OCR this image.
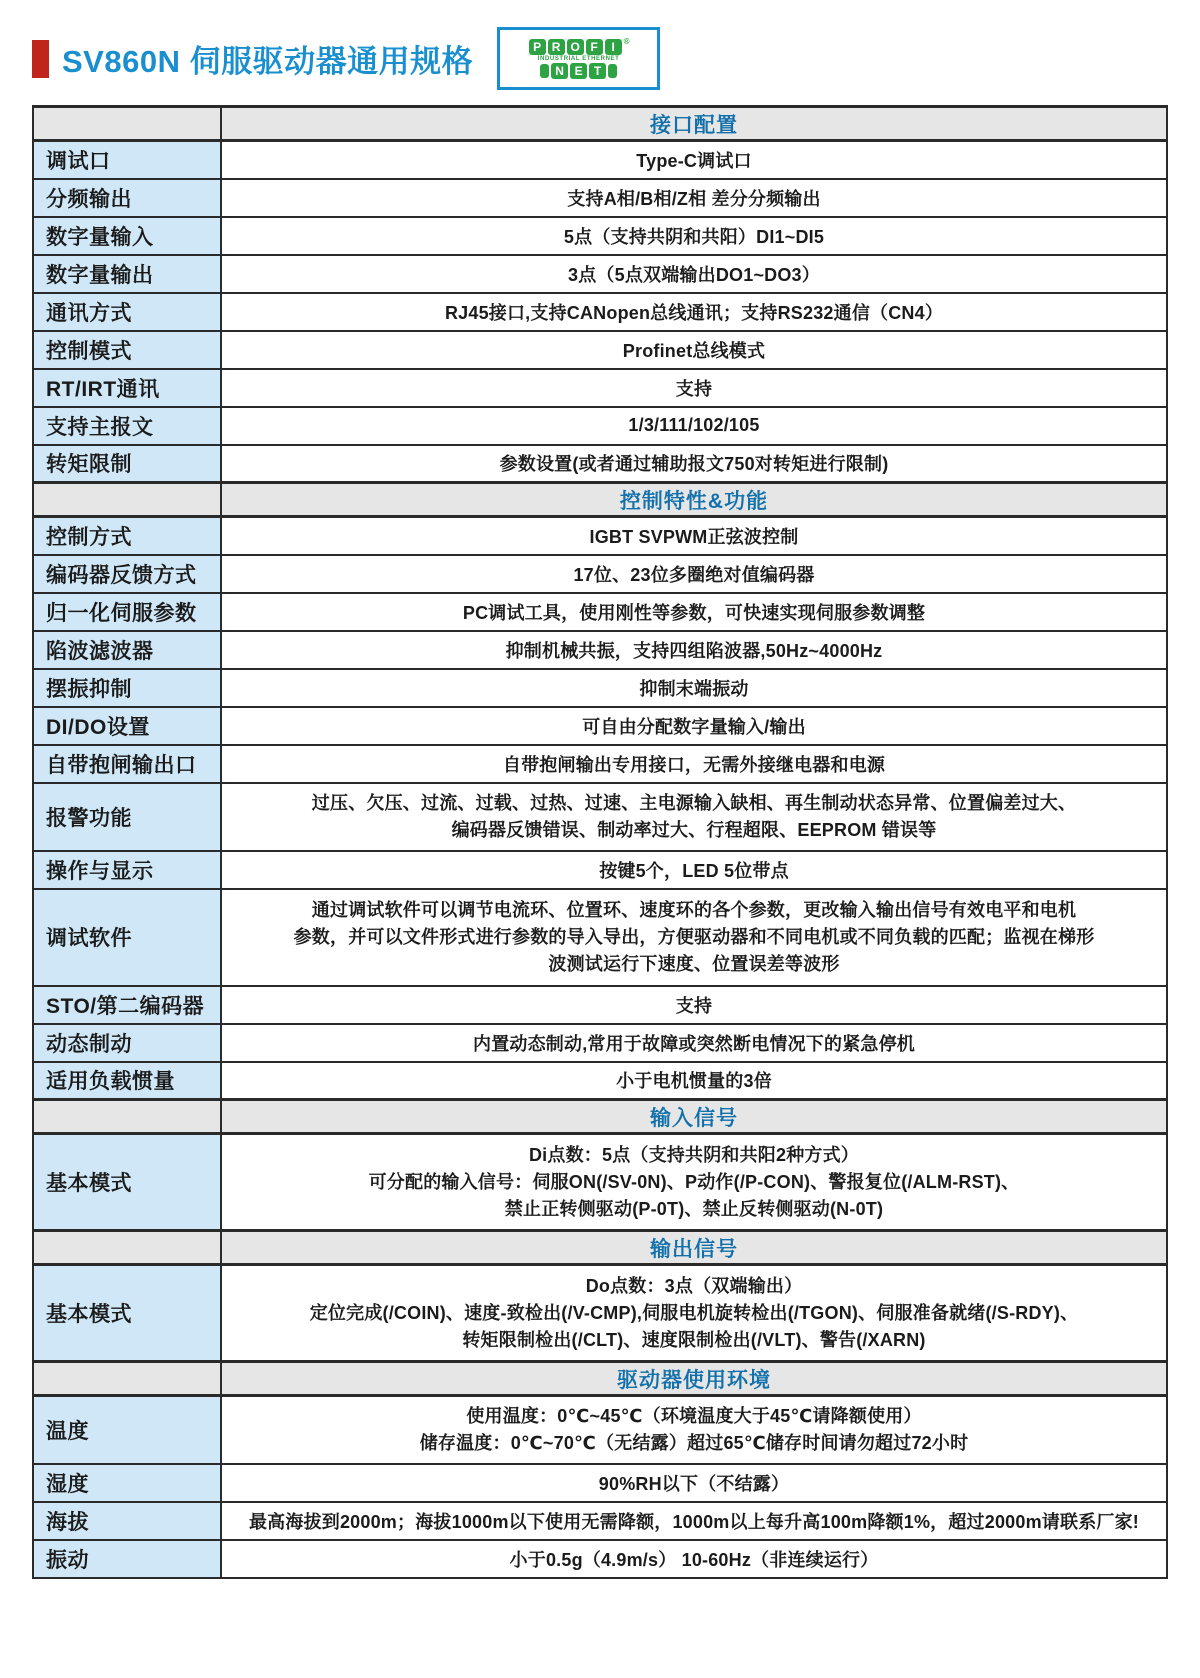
SV860N 伺服驱动器通用规格	P R O F	I	®
INDUSTRIAL ETHERNET
N E T
	接口配置
调试口	Type-C调试口
分频输出	支持A相/B相/Z相 差分分频输出
数字量输入	5点（支持共阴和共阳）DI1~DI5
数字量输出	3点（5点双端输出DO1~DO3）
通讯方式	RJ45接口,支持CANopen总线通讯；支持RS232通信（CN4）
控制模式	Profinet总线模式
RT/IRT通讯	支持
支持主报文	1/3/111/102/105
转矩限制	参数设置(或者通过辅助报文750对转矩进行限制)
	控制特性&功能
控制方式	IGBT SVPWM正弦波控制
编码器反馈方式	17位、23位多圈绝对值编码器
归一化伺服参数	PC调试工具，使用刚性等参数，可快速实现伺服参数调整
陷波滤波器	抑制机械共振，支持四组陷波器,50Hz~4000Hz
摆振抑制	抑制末端振动
DI/DO设置	可自由分配数字量输入/输出
自带抱闸输出口	自带抱闸输出专用接口，无需外接继电器和电源
报警功能	过压、欠压、过流、过载、过热、过速、主电源输入缺相、再生制动状态异常、位置偏差过大、
编码器反馈错误、制动率过大、行程超限、EEPROM 错误等

操作与显示	按键5个，LED 5位带点
调试软件	通过调试软件可以调节电流环、位置环、速度环的各个参数，更改输入输出信号有效电平和电机
参数，并可以文件形式进行参数的导入导出，方便驱动器和不同电机或不同负载的匹配；监视在梯形
波测试运行下速度、位置误差等波形

STO/第二编码器	支持
动态制动	内置动态制动,常用于故障或突然断电情况下的紧急停机
适用负载惯量	小于电机惯量的3倍
	输入信号
基本模式	Di点数：5点（支持共阴和共阳2种方式）
可分配的输入信号：伺服ON(/SV-0N)、P动作(/P-CON)、警报复位(/ALM-RST)、
禁止正转侧驱动(P-0T)、禁止反转侧驱动(N-0T)

	输出信号
基本模式	Do点数：3点（双端输出）
定位完成(/COIN)、速度-致检出(/V-CMP),伺服电机旋转检出(/TGON)、伺服准备就绪(/S-RDY)、
转矩限制检出(/CLT)、速度限制检出(/VLT)、警告(/XARN)

	驱动器使用环境
温度	使用温度：0℃~45℃（环境温度大于45℃请降额使用）
储存温度：0℃~70℃（无结露）超过65℃储存时间请勿超过72小时

湿度	90%RH以下（不结露）
海拔	最高海拔到2000m；海拔1000m以下使用无需降额，1000m以上每升高100m降额1%，超过2000m请联系厂家!
振动	小于0.5g（4.9m/s） 10-60Hz（非连续运行）
